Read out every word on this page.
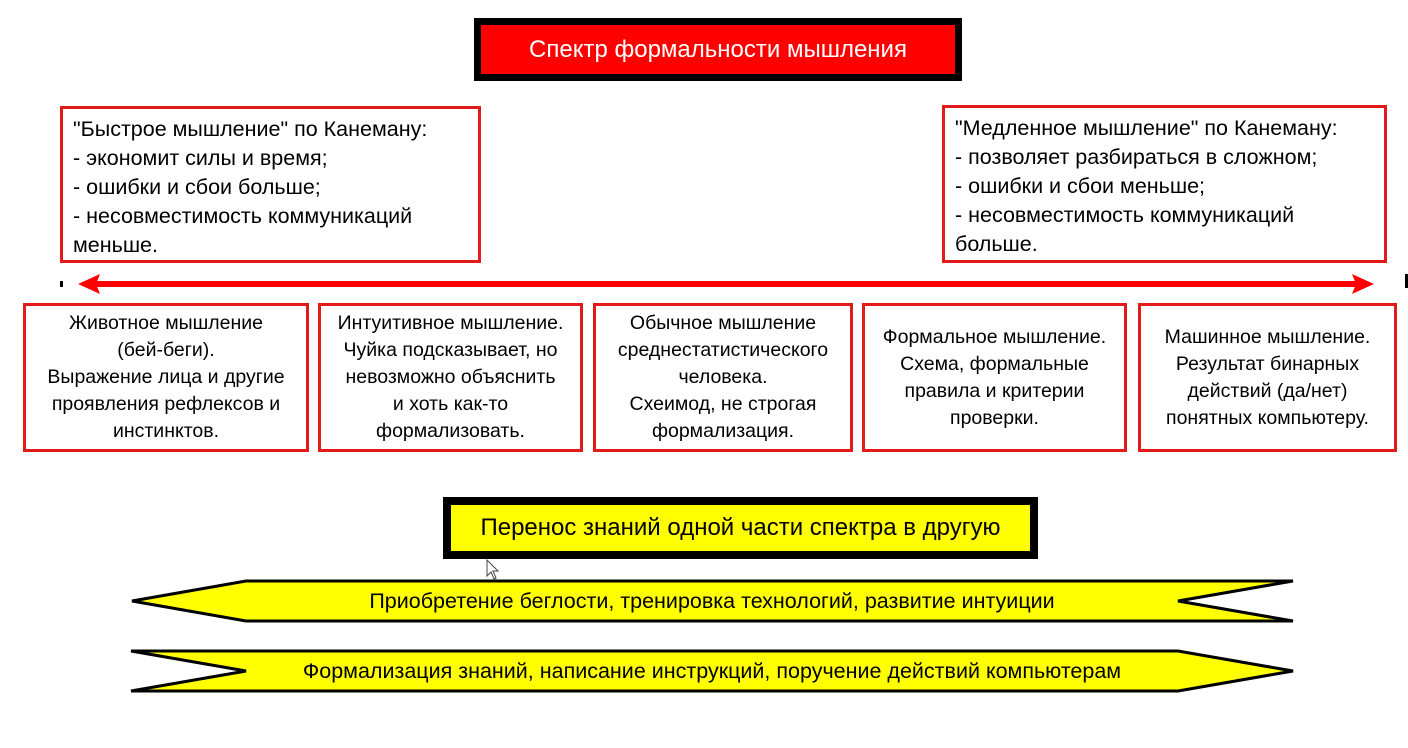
Спектр формальности мышления
"Быстрое мышление" по Канеману:
- экономит силы и время;
- ошибки и сбои больше;
- несовместимость коммуникаций
меньше.
"Медленное мышление" по Канеману:
- позволяет разбираться в сложном;
- ошибки и сбои меньше;
- несовместимость коммуникаций
больше.
Животное мышление
(бей-беги).
Выражение лица и другие
проявления рефлексов и
инстинктов.
Интуитивное мышление.
Чуйка подсказывает, но
невозможно объяснить
и хоть как-то
формализовать.
Обычное мышление
среднестатистического
человека.
Схеимод, не строгая
формализация.
Формальное мышление.
Схема, формальные
правила и критерии
проверки.
Машинное мышление.
Результат бинарных
действий (да/нет)
понятных компьютеру.
Перенос знаний одной части спектра в другую
Приобретение беглости, тренировка технологий, развитие интуиции
Формализация знаний, написание инструкций, поручение действий компьютерам
